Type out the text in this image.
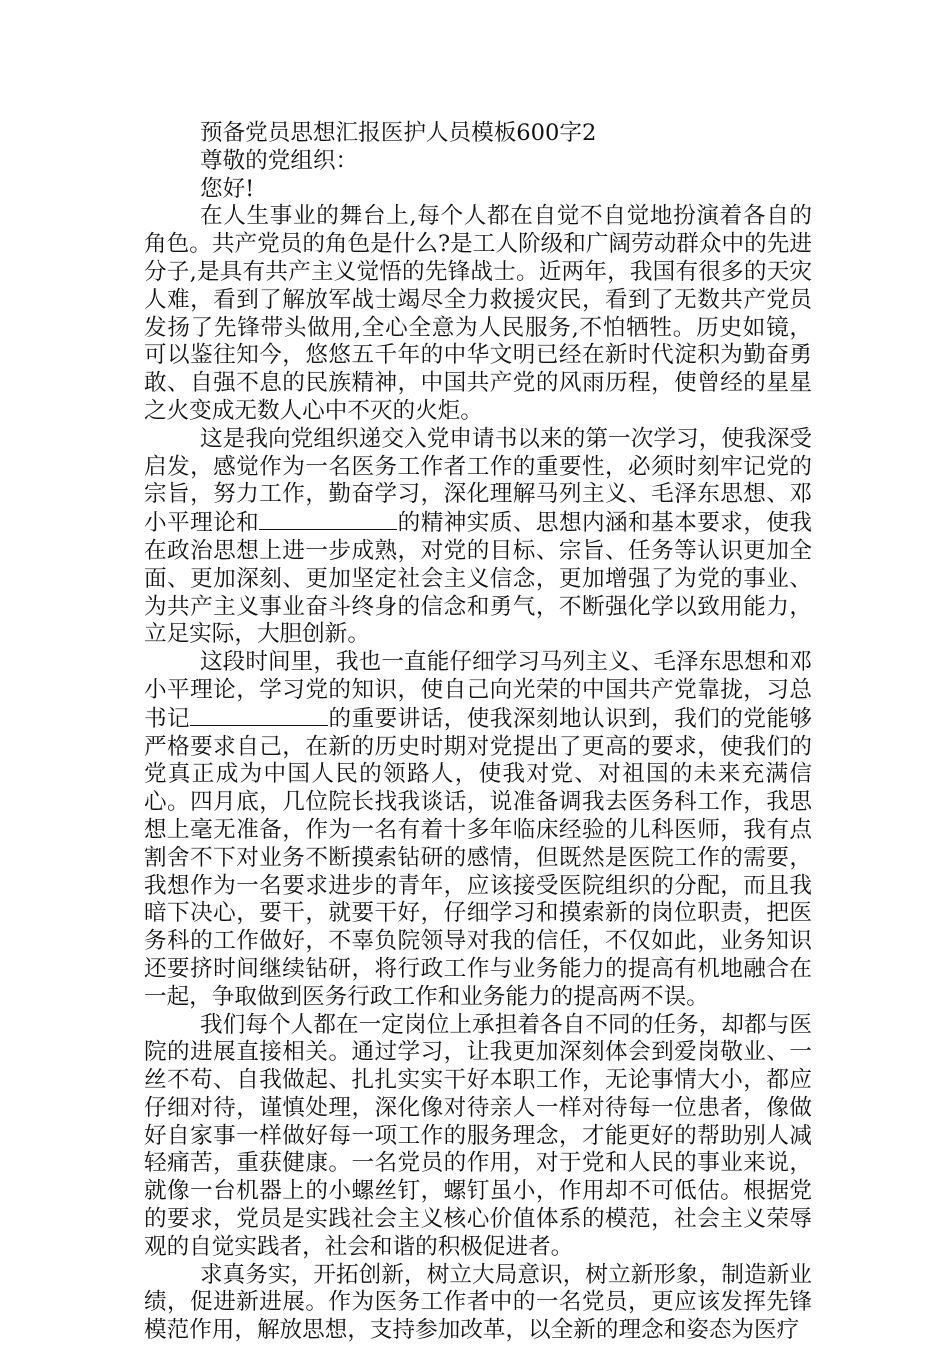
预备党员思想汇报医护人员模板600字2

尊敬的党组织：

您好!

在人生事业的舞台上,每个人都在自觉不自觉地扮演着各自的角色。共产党员的角色是什么?是工人阶级和广阔劳动群众中的先进分子,是具有共产主义觉悟的先锋战士。近两年，我国有很多的天灾人难，看到了解放军战士竭尽全力救援灾民，看到了无数共产党员发扬了先锋带头做用,全心全意为人民服务,不怕牺牲。历史如镜，可以鉴往知今，悠悠五千年的中华文明已经在新时代淀积为勤奋勇敢、自强不息的民族精神，中国共产党的风雨历程，使曾经的星星之火变成无数人心中不灭的火炬。

这是我向党组织递交入党申请书以来的第一次学习，使我深受启发，感觉作为一名医务工作者工作的重要性，必须时刻牢记党的宗旨，努力工作，勤奋学习，深化理解马列主义、毛泽东思想、邓小平理论和	的精神实质、思想内涵和基本要求，使我在政治思想上进一步成熟，对党的目标、宗旨、任务等认识更加全面、更加深刻、更加坚定社会主义信念，更加增强了为党的事业、为共产主义事业奋斗终身的信念和勇气，不断强化学以致用能力，立足实际，大胆创新。

这段时间里，我也一直能仔细学习马列主义、毛泽东思想和邓小平理论，学习党的知识，使自己向光荣的中国共产党靠拢，习总书记	的重要讲话，使我深刻地认识到，我们的党能够严格要求自己，在新的历史时期对党提出了更高的要求，使我们的党真正成为中国人民的领路人，使我对党、对祖国的未来充满信心。四月底，几位院长找我谈话，说准备调我去医务科工作，我思想上毫无准备，作为一名有着十多年临床经验的儿科医师，我有点割舍不下对业务不断摸索钻研的感情，但既然是医院工作的需要，我想作为一名要求进步的青年，应该接受医院组织的分配，而且我暗下决心，要干，就要干好，仔细学习和摸索新的岗位职责，把医务科的工作做好，不辜负院领导对我的信任，不仅如此，业务知识还要挤时间继续钻研，将行政工作与业务能力的提高有机地融合在一起，争取做到医务行政工作和业务能力的提高两不误。

我们每个人都在一定岗位上承担着各自不同的任务，却都与医院的进展直接相关。通过学习，让我更加深刻体会到爱岗敬业、一丝不苟、自我做起、扎扎实实干好本职工作，无论事情大小，都应仔细对待，谨慎处理，深化像对待亲人一样对待每一位患者，像做好自家事一样做好每一项工作的服务理念，才能更好的帮助别人减轻痛苦，重获健康。一名党员的作用，对于党和人民的事业来说，就像一台机器上的小螺丝钉，螺钉虽小，作用却不可低估。根据党的要求，党员是实践社会主义核心价值体系的模范，社会主义荣辱观的自觉实践者，社会和谐的积极促进者。

求真务实，开拓创新，树立大局意识，树立新形象，制造新业绩，促进新进展。作为医务工作者中的一名党员，更应该发挥先锋模范作用，解放思想，支持参加改革，以全新的理念和姿态为医疗
